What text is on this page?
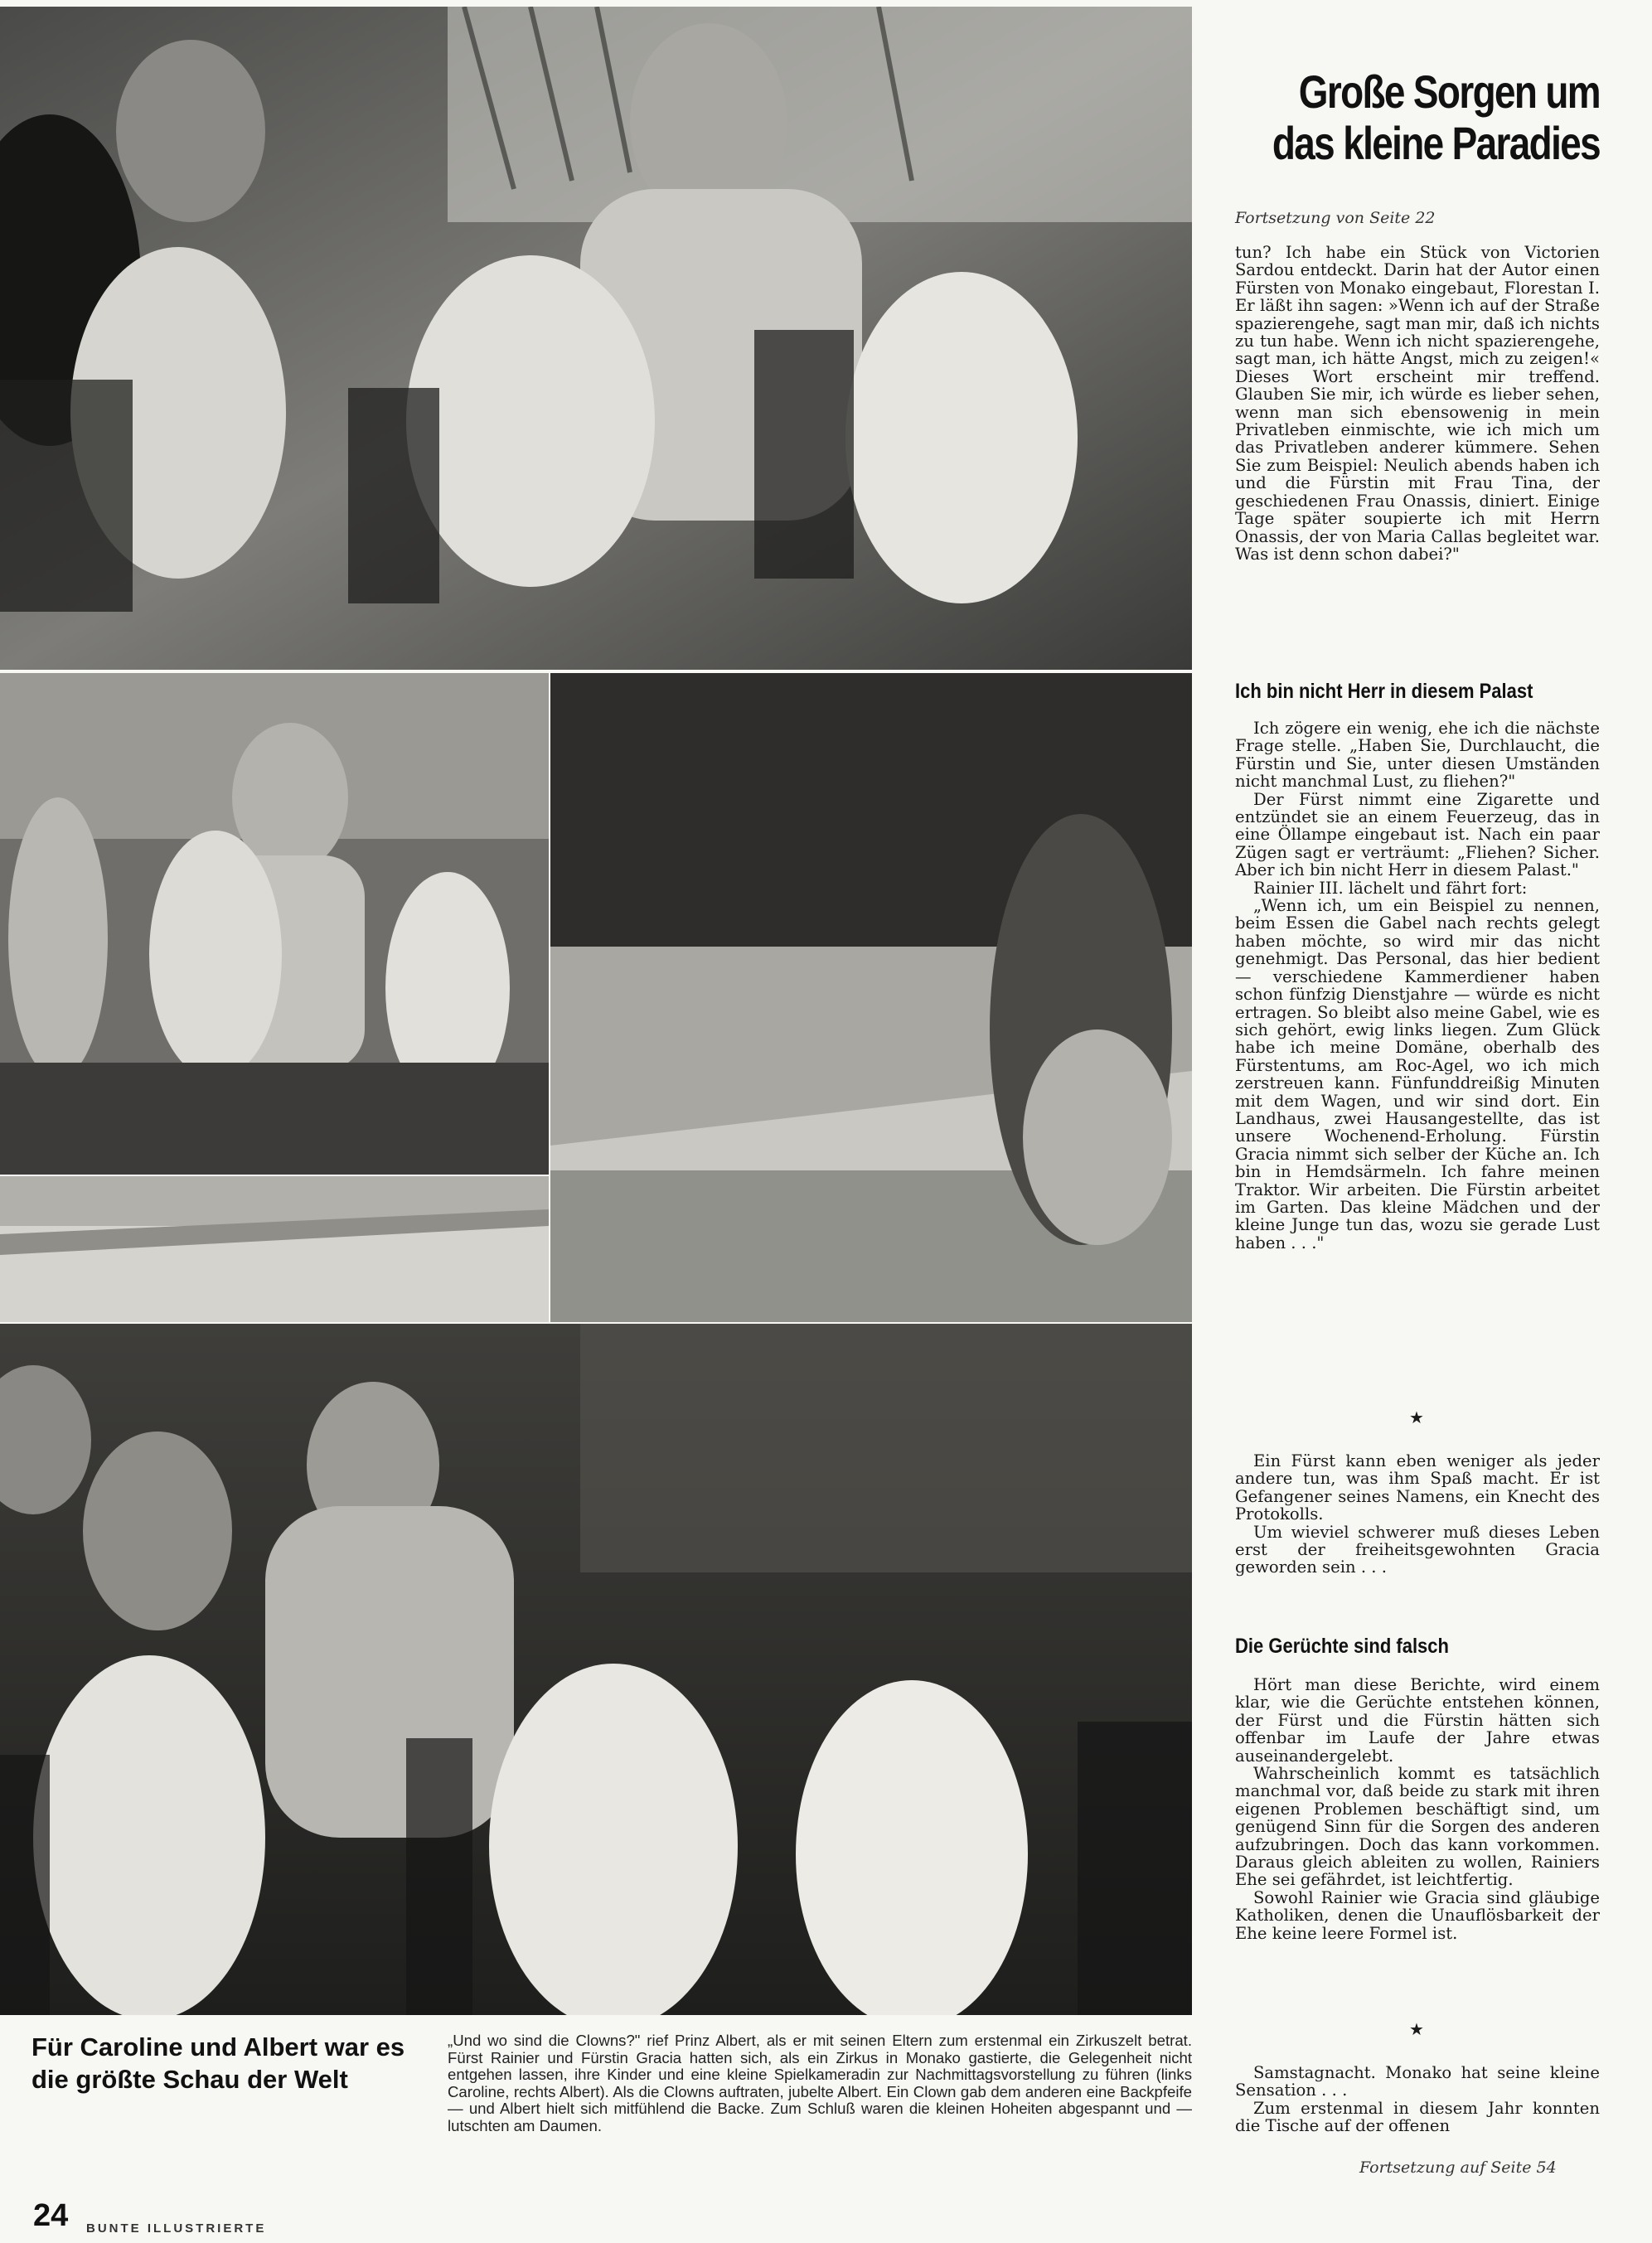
Große Sorgen um das kleine Paradies
Fortsetzung von Seite 22

tun? Ich habe ein Stück von Victorien Sardou entdeckt. Darin hat der Autor einen Fürsten von Monako eingebaut, Florestan I. Er läßt ihn sagen: »Wenn ich auf der Straße spazierengehe, sagt man mir, daß ich nichts zu tun habe. Wenn ich nicht spazierengehe, sagt man, ich hätte Angst, mich zu zeigen!« Dieses Wort erscheint mir treffend. Glauben Sie mir, ich würde es lieber sehen, wenn man sich ebensowenig in mein Privatleben einmischte, wie ich mich um das Privatleben anderer kümmere. Sehen Sie zum Beispiel: Neulich abends haben ich und die Fürstin mit Frau Tina, der geschiedenen Frau Onassis, diniert. Einige Tage später soupierte ich mit Herrn Onassis, der von Maria Callas begleitet war. Was ist denn schon dabei?"

Ich bin nicht Herr in diesem Palast

Ich zögere ein wenig, ehe ich die nächste Frage stelle. „Haben Sie, Durchlaucht, die Fürstin und Sie, unter diesen Umständen nicht manchmal Lust, zu fliehen?"

Der Fürst nimmt eine Zigarette und entzündet sie an einem Feuerzeug, das in eine Öllampe eingebaut ist. Nach ein paar Zügen sagt er verträumt: „Fliehen? Sicher. Aber ich bin nicht Herr in diesem Palast."

Rainier III. lächelt und fährt fort:

„Wenn ich, um ein Beispiel zu nennen, beim Essen die Gabel nach rechts gelegt haben möchte, so wird mir das nicht genehmigt. Das Personal, das hier bedient — verschiedene Kammerdiener haben schon fünfzig Dienstjahre — würde es nicht ertragen. So bleibt also meine Gabel, wie es sich gehört, ewig links liegen. Zum Glück habe ich meine Domäne, oberhalb des Fürstentums, am Roc-Agel, wo ich mich zerstreuen kann. Fünfunddreißig Minuten mit dem Wagen, und wir sind dort. Ein Landhaus, zwei Hausangestellte, das ist unsere Wochenend-Erholung. Fürstin Gracia nimmt sich selber der Küche an. Ich bin in Hemdsärmeln. Ich fahre meinen Traktor. Wir arbeiten. Die Fürstin arbeitet im Garten. Das kleine Mädchen und der kleine Junge tun das, wozu sie gerade Lust haben . . ."

★

Ein Fürst kann eben weniger als jeder andere tun, was ihm Spaß macht. Er ist Gefangener seines Namens, ein Knecht des Protokolls.

Um wieviel schwerer muß dieses Leben erst der freiheitsgewohnten Gracia geworden sein . . .

Die Gerüchte sind falsch

Hört man diese Berichte, wird einem klar, wie die Gerüchte entstehen können, der Fürst und die Fürstin hätten sich offenbar im Laufe der Jahre etwas auseinandergelebt.

Wahrscheinlich kommt es tatsächlich manchmal vor, daß beide zu stark mit ihren eigenen Problemen beschäftigt sind, um genügend Sinn für die Sorgen des anderen aufzubringen. Doch das kann vorkommen. Daraus gleich ableiten zu wollen, Rainiers Ehe sei gefährdet, ist leichtfertig.

Sowohl Rainier wie Gracia sind gläubige Katholiken, denen die Unauflösbarkeit der Ehe keine leere Formel ist.

★

Samstagnacht. Monako hat seine kleine Sensation . . .

Zum erstenmal in diesem Jahr konnten die Tische auf der offenen

Fortsetzung auf Seite 54
Für Caroline und Albert war es die größte Schau der Welt
„Und wo sind die Clowns?" rief Prinz Albert, als er mit seinen Eltern zum erstenmal ein Zirkuszelt betrat. Fürst Rainier und Fürstin Gracia hatten sich, als ein Zirkus in Monako gastierte, die Gelegenheit nicht entgehen lassen, ihre Kinder und eine kleine Spielkameradin zur Nachmittagsvorstellung zu führen (links Caroline, rechts Albert). Als die Clowns auftraten, jubelte Albert. Ein Clown gab dem anderen eine Backpfeife — und Albert hielt sich mitfühlend die Backe. Zum Schluß waren die kleinen Hoheiten abgespannt und — lutschten am Daumen.
24 BUNTE ILLUSTRIERTE
